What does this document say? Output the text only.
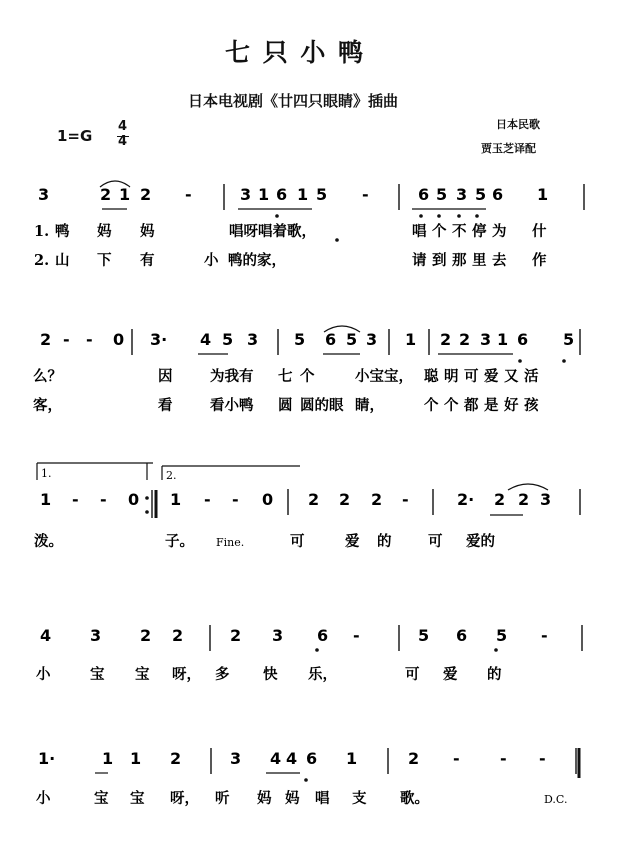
七 只 小 鸭
日本电视剧《廿四只眼睛》插曲
1=G
4
4
日本民歌
贾玉芝译配
3	2 1 2 -	3 1 6 1 5 -	6 5 3 5 6 1
1. 鸭 妈 妈	唱呀唱着歌，	唱 个 不 停 为 什
2. 山 下 有	小 鸭的家，	请 到 那 里 去 作
2 - - 0 3· 4 5 3 5 6 5 3 1 2 2 3 1 6 5
么？	因	为我有 七 个	小宝宝， 聪 明 可 爱 又 活
客，	看	看小鸭 圆 圆的眼 睛，	个 个 都 是 好 孩
1 - - 0 1 - - 0 2 2 2 -	2· 2 2 3
泼。	子。 Fine.	可	爱 的	可 爱的
1.	2.
4 3 2 2	2 3 6 -	5 6 5 -
小	宝 宝 呀， 多 快 乐，	可 爱 的
1·	1 1 2	3 4 4 6 1	2 -	- -
小	宝 宝 呀， 听 妈 妈 唱 支 歌。	D.C.
